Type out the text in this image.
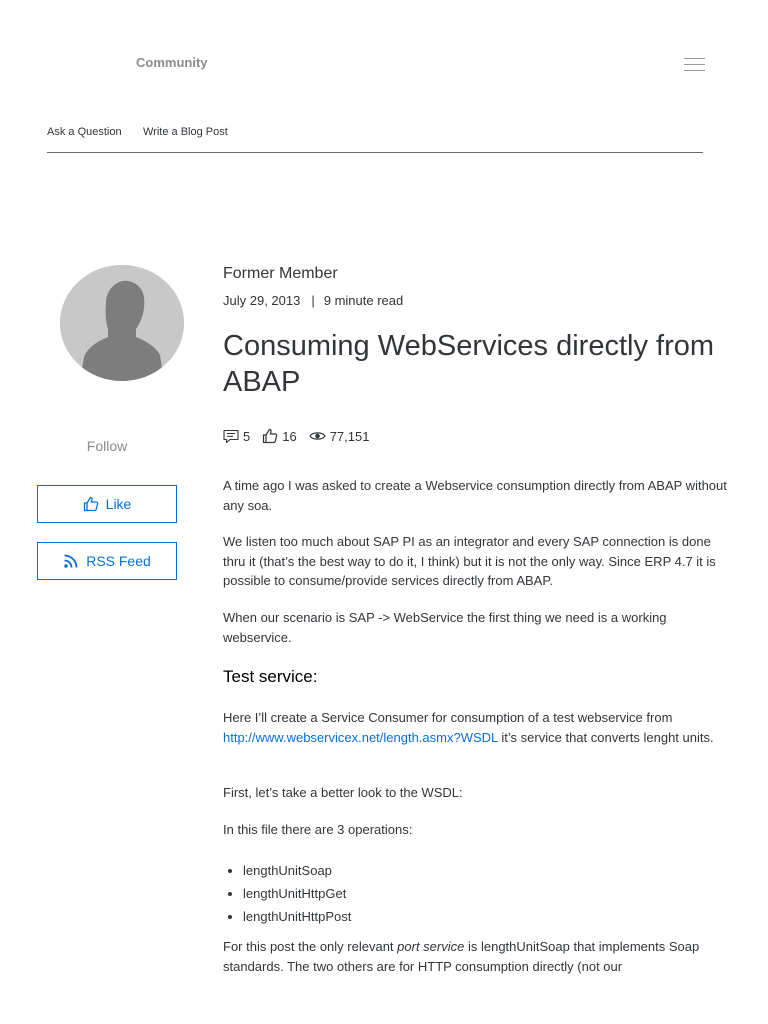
Community
Ask a Question Write a Blog Post
Follow
Like
RSS Feed
Former Member
July 29, 2013 | 9 minute read
Consuming WebServices directly from ABAP
5 16	77,151

A time ago I was asked to create a Webservice consumption directly from ABAP without any soa.

We listen too much about SAP PI as an integrator and every SAP connection is done thru it (that’s the best way to do it, I think) but it is not the only way. Since ERP 4.7 it is possible to consume/provide services directly from ABAP.

When our scenario is SAP -> WebService the first thing we need is a working webservice.

Test service:

Here I’ll create a Service Consumer for consumption of a test webservice from http://www.webservicex.net/length.asmx?WSDL it’s service that converts lenght units.

First, let’s take a better look to the WSDL:

In this file there are 3 operations:

• lengthUnitSoap
• lengthUnitHttpGet
• lengthUnitHttpPost

For this post the only relevant port service is lengthUnitSoap that implements Soap standards. The two others are for HTTP consumption directly (not our
